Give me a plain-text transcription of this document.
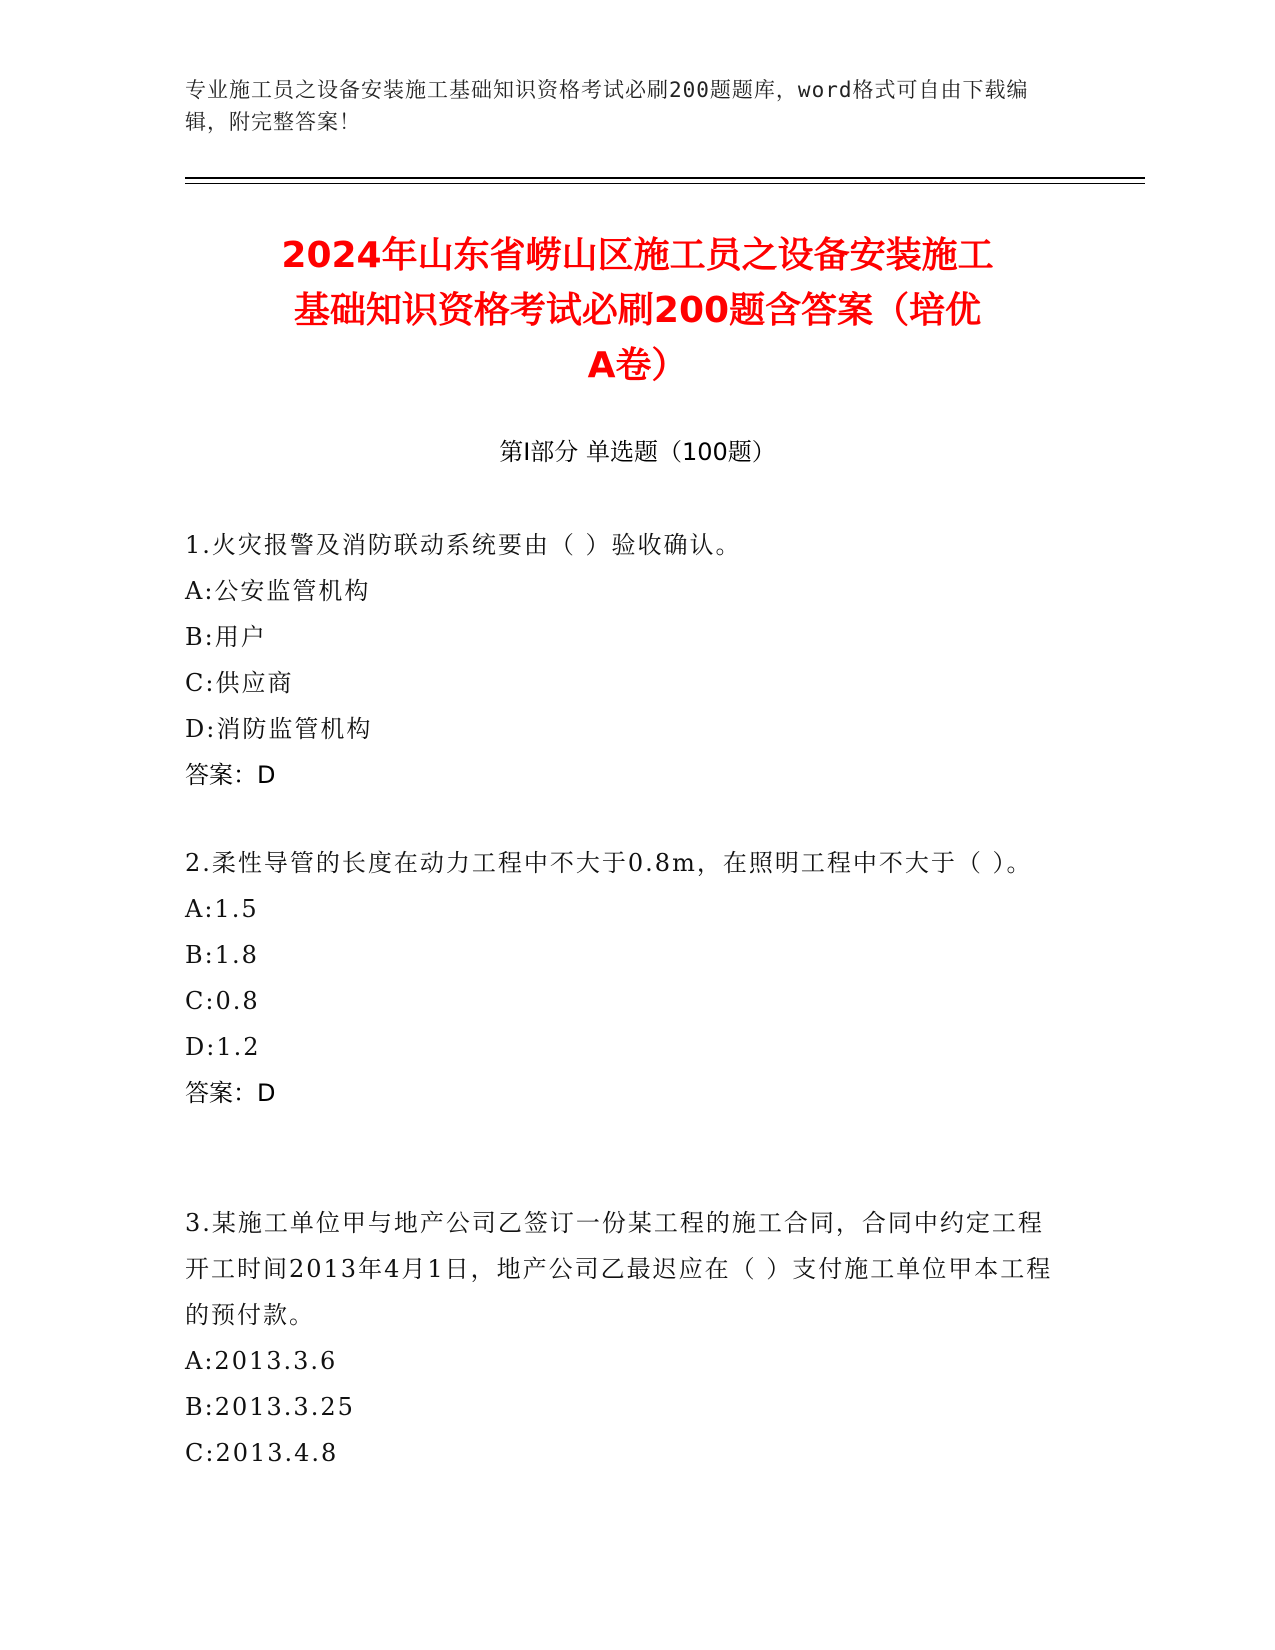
专业施工员之设备安装施工基础知识资格考试必刷200题题库，word格式可自由下载编辑，附完整答案！
2024年山东省崂山区施工员之设备安装施工
基础知识资格考试必刷200题含答案（培优
A卷）
第Ⅰ部分 单选题（100题）
1.火灾报警及消防联动系统要由（ ）验收确认。
A:公安监管机构
B:用户
C:供应商
D:消防监管机构
答案：D
2.柔性导管的长度在动力工程中不大于0.8m，在照明工程中不大于（ ）。
A:1.5
B:1.8
C:0.8
D:1.2
答案：D
3.某施工单位甲与地产公司乙签订一份某工程的施工合同，合同中约定工程开工时间2013年4月1日，地产公司乙最迟应在（ ）支付施工单位甲本工程的预付款。
A:2013.3.6
B:2013.3.25
C:2013.4.8
